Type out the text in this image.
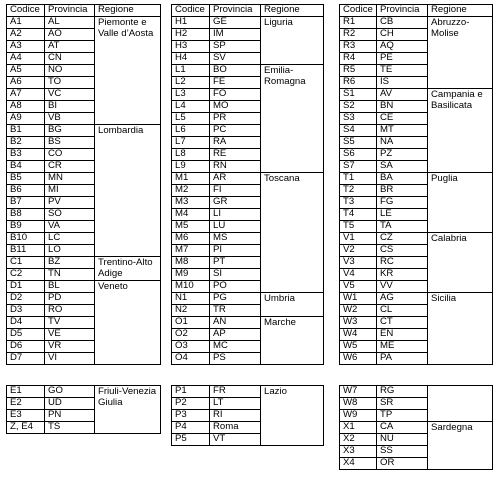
Codice	Provincia	Regione
A1	AL	Piemonte e Valle d’Aosta
A2	AO	
A3	AT	
A4	CN	
A5	NO	
A6	TO	
A7	VC	
A8	BI	
A9	VB	
B1	BG	Lombardia
B2	BS	
B3	CO	
B4	CR	
B5	MN	
B6	MI	
B7	PV	
B8	SO	
B9	VA	
B10	LC	
B11	LO	
C1	BZ	Trentino-Alto Adige
C2	TN	
D1	BL	Veneto
D2	PD	
D3	RO	
D4	TV	
D5	VE	
D6	VR	
D7	VI	
Codice	Provincia	Regione
H1	GE	Liguria
H2	IM	
H3	SP	
H4	SV	
L1	BO	Emilia-Romagna
L2	FE	
L3	FO	
L4	MO	
L5	PR	
L6	PC	
L7	RA	
L8	RE	
L9	RN	
M1	AR	Toscana
M2	FI	
M3	GR	
M4	LI	
M5	LU	
M6	MS	
M7	PI	
M8	PT	
M9	SI	
M10	PO	
N1	PG	Umbria
N2	TR	
O1	AN	Marche
O2	AP	
O3	MC	
O4	PS	
Codice	Provincia	Regione
R1	CB	Abruzzo-Molise
R2	CH	
R3	AQ	
R4	PE	
R5	TE	
R6	IS	
S1	AV	Campania e Basilicata
S2	BN	
S3	CE	
S4	MT	
S5	NA	
S6	PZ	
S7	SA	
T1	BA	Puglia
T2	BR	
T3	FG	
T4	LE	
T5	TA	
V1	CZ	Calabria
V2	CS	
V3	RC	
V4	KR	
V5	VV	
W1	AG	Sicilia
W2	CL	
W3	CT	
W4	EN	
W5	ME	
W6	PA	
E1	GO	Friuli-Venezia Giulia
E2	UD	
E3	PN	
Z, E4	TS	
P1	FR	Lazio
P2	LT	
P3	RI	
P4	Roma	
P5	VT	
W7	RG	
W8	SR	
W9	TP	
X1	CA	Sardegna
X2	NU	
X3	SS	
X4	OR	
